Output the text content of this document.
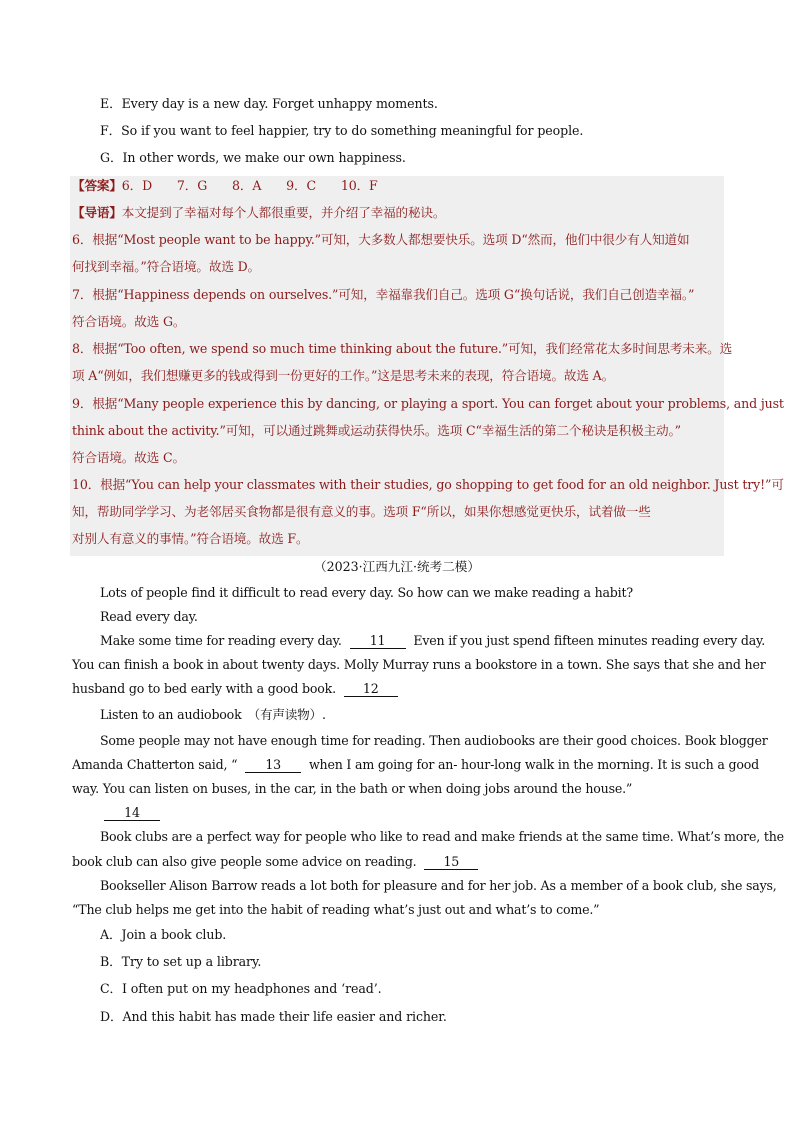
E．Every day is a new day. Forget unhappy moments.
F．So if you want to feel happier, try to do something meaningful for people.
G．In other words, we make our own happiness.
【答案】6．D　　7．G　　8．A　　9．C　　10．F
【导语】本文提到了幸福对每个人都很重要，并介绍了幸福的秘诀。
6．根据“Most people want to be happy.”可知，大多数人都想要快乐。选项 D“然而，他们中很少有人知道如
何找到幸福。”符合语境。故选 D。
7．根据“Happiness depends on ourselves.”可知，幸福靠我们自己。选项 G“换句话说，我们自己创造幸福。”
符合语境。故选 G。
8．根据“Too often, we spend so much time thinking about the future.”可知，我们经常花太多时间思考未来。选
项 A“例如，我们想赚更多的钱或得到一份更好的工作。”这是思考未来的表现，符合语境。故选 A。
9．根据“Many people experience this by dancing, or playing a sport. You can forget about your problems, and just
think about the activity.”可知，可以通过跳舞或运动获得快乐。选项 C“幸福生活的第二个秘诀是积极主动。”
符合语境。故选 C。
10．根据“You can help your classmates with their studies, go shopping to get food for an old neighbor. Just try!”可
知，帮助同学学习、为老邻居买食物都是很有意义的事。选项 F“所以，如果你想感觉更快乐，试着做一些
对别人有意义的事情。”符合语境。故选 F。
（2023·江西九江·统考二模）
Lots of people find it difficult to read every day. So how can we make reading a habit?
Read every day.
Make some time for reading every day. 11 Even if you just spend fifteen minutes reading every day.
You can finish a book in about twenty days. Molly Murray runs a bookstore in a town. She says that she and her
husband go to bed early with a good book. 12
Listen to an audiobook　（有声读物）.
Some people may not have enough time for reading. Then audiobooks are their good choices. Book blogger
Amanda Chatterton said, “ 13 when I am going for an- hour-long walk in the morning. It is such a good
way. You can listen on buses, in the car, in the bath or when doing jobs around the house.”
14
Book clubs are a perfect way for people who like to read and make friends at the same time. What’s more, the
book club can also give people some advice on reading. 15
Bookseller Alison Barrow reads a lot both for pleasure and for her job. As a member of a book club, she says,
“The club helps me get into the habit of reading what’s just out and what’s to come.”
A．Join a book club.
B．Try to set up a library.
C．I often put on my headphones and ‘read’.
D．And this habit has made their life easier and richer.
